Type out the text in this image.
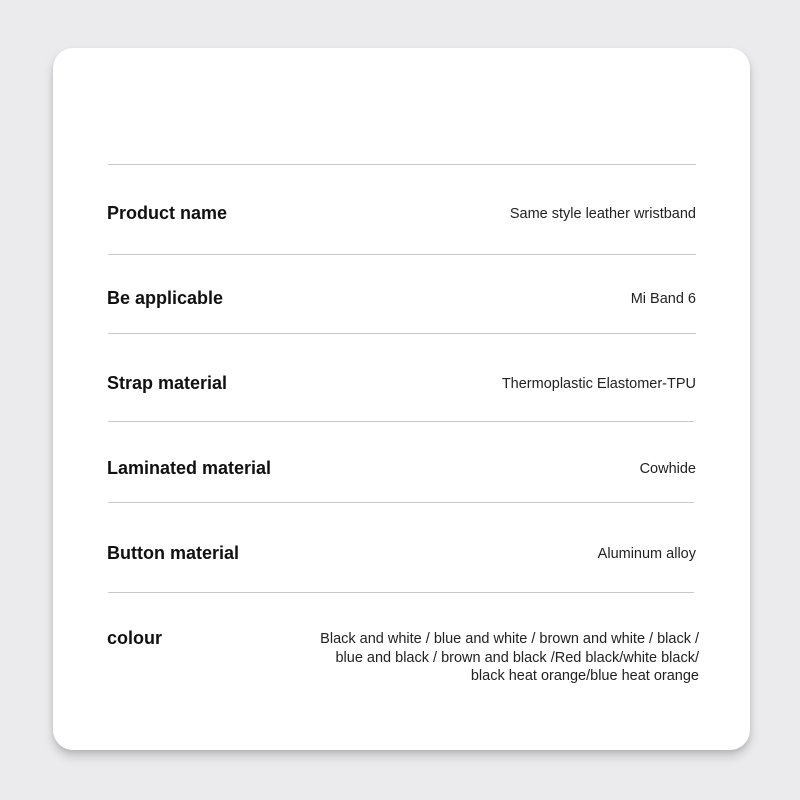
Product name	Same style leather wristband
Be applicable	Mi Band 6
Strap material	Thermoplastic Elastomer-TPU
Laminated material	Cowhide
Button material	Aluminum alloy
colour	Black and white / blue and white / brown and white / black /
blue and black / brown and black /Red black/white black/
black heat orange/blue heat orange
